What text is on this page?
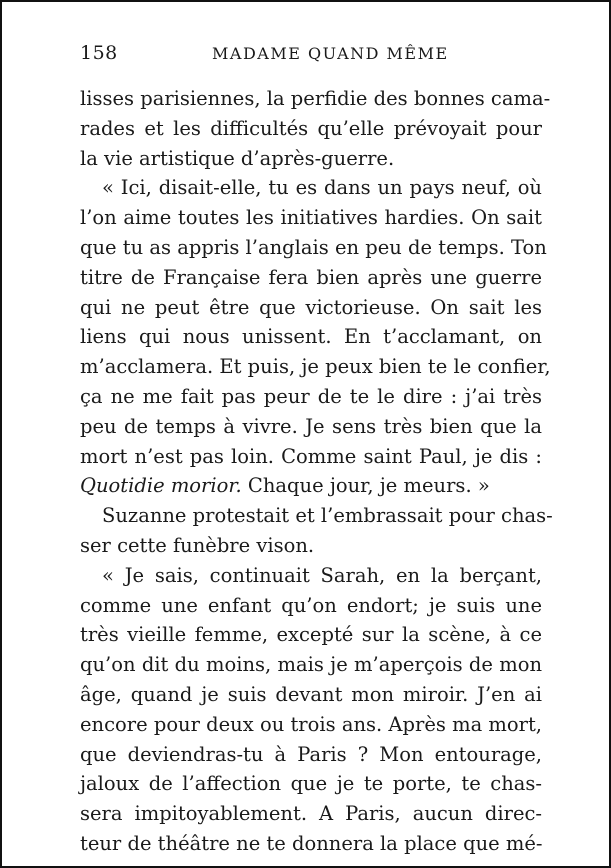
158	MADAME QUAND MÊME
lisses parisiennes, la perfidie des bonnes cama-
rades et les difficultés qu’elle prévoyait pour
la vie artistique d’après-guerre.
« Ici, disait-elle, tu es dans un pays neuf, où
l’on aime toutes les initiatives hardies. On sait
que tu as appris l’anglais en peu de temps. Ton
titre de Française fera bien après une guerre
qui ne peut être que victorieuse. On sait les
liens qui nous unissent. En t’acclamant, on
m’acclamera. Et puis, je peux bien te le confier,
ça ne me fait pas peur de te le dire : j’ai très
peu de temps à vivre. Je sens très bien que la
mort n’est pas loin. Comme saint Paul, je dis :
Quotidie morior. Chaque jour, je meurs. »
Suzanne protestait et l’embrassait pour chas-
ser cette funèbre vison.
« Je sais, continuait Sarah, en la berçant,
comme une enfant qu’on endort; je suis une
très vieille femme, excepté sur la scène, à ce
qu’on dit du moins, mais je m’aperçois de mon
âge, quand je suis devant mon miroir. J’en ai
encore pour deux ou trois ans. Après ma mort,
que deviendras-tu à Paris ? Mon entourage,
jaloux de l’affection que je te porte, te chas-
sera impitoyablement. A Paris, aucun direc-
teur de théâtre ne te donnera la place que mé-
